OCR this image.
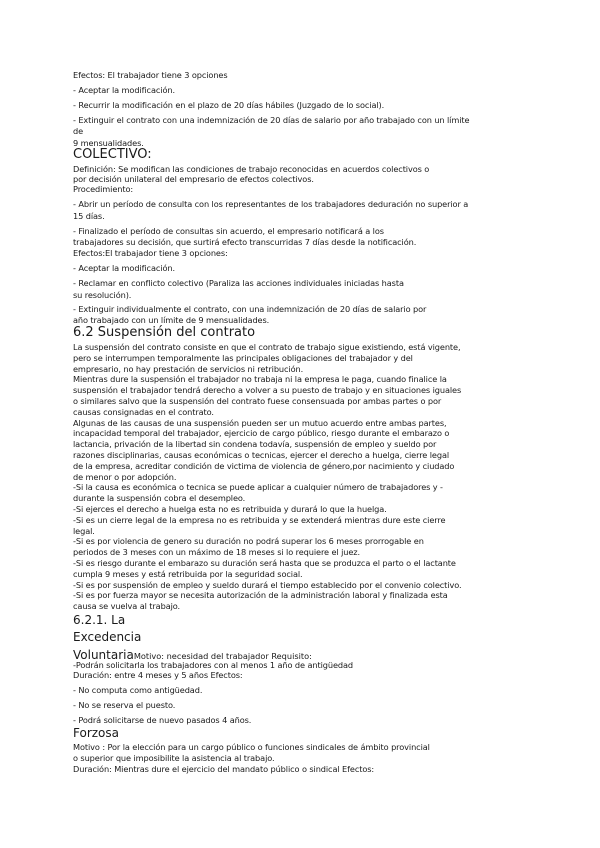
Efectos: El trabajador tiene 3 opciones
- Aceptar la modificación.
- Recurrir la modificación en el plazo de 20 días hábiles (Juzgado de lo social).
- Extinguir el contrato con una indemnización de 20 días de salario por año trabajado con un límite
de
9 mensualidades.
COLECTIVO:
Definición: Se modifican las condiciones de trabajo reconocidas en acuerdos colectivos o
por decisión unilateral del empresario de efectos colectivos.
Procedimiento:
- Abrir un período de consulta con los representantes de los trabajadores deduración no superior a
15 días.
- Finalizado el período de consultas sin acuerdo, el empresario notificará a los
trabajadores su decisión, que surtirá efecto transcurridas 7 días desde la notificación.
Efectos:El trabajador tiene 3 opciones:
- Aceptar la modificación.
- Reclamar en conflicto colectivo (Paraliza las acciones individuales iniciadas hasta
su resolución).
- Extinguir individualmente el contrato, con una indemnización de 20 días de salario por
año trabajado con un límite de 9 mensualidades.
6.2 Suspensión del contrato
La suspensión del contrato consiste en que el contrato de trabajo sigue existiendo, está vigente,
pero se interrumpen temporalmente las principales obligaciones del trabajador y del
empresario, no hay prestación de servicios ni retribución.
Mientras dure la suspensión el trabajador no trabaja ni la empresa le paga, cuando finalice la
suspensión el trabajador tendrá derecho a volver a su puesto de trabajo y en situaciones iguales
o similares salvo que la suspensión del contrato fuese consensuada por ambas partes o por
causas consignadas en el contrato.
Algunas de las causas de una suspensión pueden ser un mutuo acuerdo entre ambas partes,
incapacidad temporal del trabajador, ejercicio de cargo público, riesgo durante el embarazo o
lactancia, privación de la libertad sin condena todavía, suspensión de empleo y sueldo por
razones disciplinarias, causas económicas o tecnicas, ejercer el derecho a huelga, cierre legal
de la empresa, acreditar condición de victima de violencia de género,por nacimiento y ciudado
de menor o por adopción.
-Si la causa es económica o tecnica se puede aplicar a cualquier número de trabajadores y -
durante la suspensión cobra el desempleo.
-Si ejerces el derecho a huelga esta no es retribuida y durará lo que la huelga.
-Si es un cierre legal de la empresa no es retribuida y se extenderá mientras dure este cierre
legal.
-Si es por violencia de genero su duración no podrá superar los 6 meses prorrogable en
periodos de 3 meses con un máximo de 18 meses si lo requiere el juez.
-Si es riesgo durante el embarazo su duración será hasta que se produzca el parto o el lactante
cumpla 9 meses y está retribuida por la seguridad social.
-Si es por suspensión de empleo y sueldo durará el tiempo establecido por el convenio colectivo.
-Si es por fuerza mayor se necesita autorización de la administración laboral y finalizada esta
causa se vuelva al trabajo.
6.2.1. La
Excedencia
VoluntariaMotivo: necesidad del trabajador Requisito:
-Podrán solicitarla los trabajadores con al menos 1 año de antigüedad
Duración: entre 4 meses y 5 años Efectos:
- No computa como antigüedad.
- No se reserva el puesto.
- Podrá solicitarse de nuevo pasados 4 años.
Forzosa
Motivo : Por la elección para un cargo público o funciones sindicales de ámbito provincial
o superior que imposibilite la asistencia al trabajo.
Duración: Mientras dure el ejercicio del mandato público o sindical Efectos:
